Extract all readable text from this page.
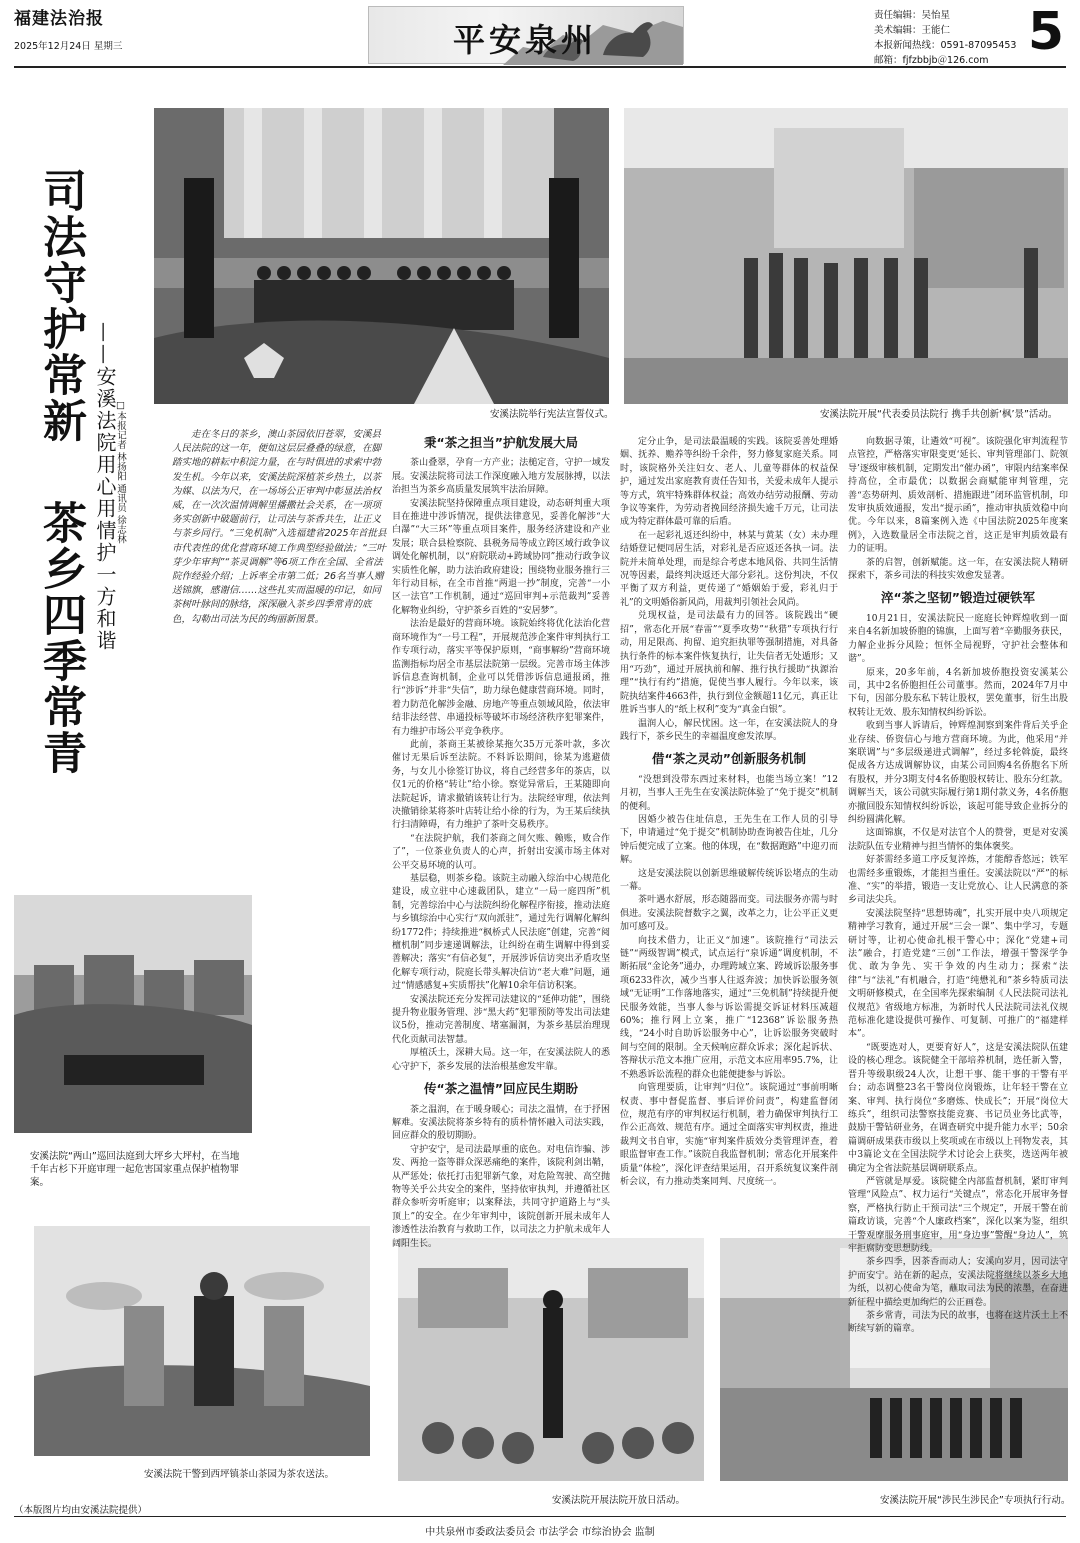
福建法治报
2025年12月24日 星期三	平安泉州
责任编辑：吴怡星
美术编辑：王能仁
本报新闻热线：0591-87095453
邮箱：fjfzbbjb＠126.com 5
安溪法院举行宪法宣誓仪式。	安溪法院开展“代表委员法院行 携手共创新‘枫’景”活动。
司法守护常新
茶乡四季常青 ——安溪法院用心用情护一方和谐
□本报记者 林扬阳 通讯员 徐志林	走在冬日的茶乡，澳山茶园依旧苍翠，安溪县人民法院的这一年，便如这层层叠叠的绿意，在脚踏实地的耕耘中积淀力量，在与时俱进的求索中勃发生机。今年以来，安溪法院深植茶乡热土，以茶为媒、以法为尺，在一场场公正审判中彰显法治权威，在一次次温情调解里播撒社会关系，在一项项务实创新中破题前行，让司法与茶香共生，让正义与茶乡同行。“三免机制”入选福建省2025年首批县市代表性的优化营商环境工作典型经验做法；“三叶芽少年审判”“茶灵调解”等6项工作在全国、全省法院作经验介绍；上诉率全市第二低；26名当事人赠送锦旗，感谢信……这些扎实而温暖的印记，如同茶树叶脉间的脉络，深深融入茶乡四季常青的底色，勾勒出司法为民的绚丽新图景。

安溪法院“两山”巡回法庭到大坪乡大坪村，在当地千年古杉下开庭审理一起危害国家重点保护植物罪案。
安溪法院干警到西坪镇茶山茶园为茶农送法。
安溪法院开展法院开放日活动。	安溪法院开展“涉民生涉民企”专项执行行动。
秉“茶之担当”护航发展大局

茶山叠翠，孕育一方产业；法槌定音，守护一域发展。安溪法院将司法工作深度融入地方发展脉搏，以法治担当为茶乡高质量发展筑牢法治屏障。

安溪法院坚持保障重点项目建设，动态研判重大项目在推进中涉诉情况，提供法律意见，妥善化解涉“大白瀑”“大三环”等重点项目案件，服务经济建设和产业发展；联合县检察院、县税务局等成立跨区域行政争议调处化解机制，以“府院联动+跨域协同”推动行政争议实质性化解，助力法治政府建设；围绕物业服务推行三年行动目标，在全市首推“两退一抄”制度，完善“一小区一法官”工作机制，通过“巡回审判+示范裁判”妥善化解物业纠纷，守护茶乡百姓的“安居梦”。

法治是最好的营商环境。该院始终将优化法治化营商环境作为“一号工程”，开展规范涉企案件审判执行工作专项行动，落实平等保护原则，“商事解纷”营商环境监测指标均居全市基层法院第一层级。完善市场主体涉诉信息查询机制，企业可以凭借涉诉信息通报函，推行“涉诉”并非“失信”，助力绿色健康营商环境。同时，着力防范化解涉金融、房地产等重点领域风险，依法审结非法经营、串通投标等破坏市场经济秩序犯罪案件，有力维护市场公平竞争秩序。

此前，茶商王某被徐某拖欠35万元茶叶款，多次催讨无果后诉至法院。不料诉讼期间，徐某为逃避债务，与女儿小徐签订协议，将自己经营多年的茶店，以仅1元的价格“转让”给小徐。察觉异常后，王某随即向法院起诉，请求撤销该转让行为。法院经审理，依法判决撤销徐某将茶叶店转让给小徐的行为，为王某后续执行扫清障碍，有力维护了茶叶交易秩序。

“在法院护航，我们茶商之间欠账、赖账，败合作了”，一位茶业负责人的心声，折射出安溪市场主体对公平交易环境的认可。

基层稳，则茶乡稳。该院主动融入综治中心规范化建设，成立驻中心速裁团队，建立“一局一庭四所”机制，完善综治中心与法院纠纷化解程序衔接，推动法庭与乡镇综治中心实行“双向派驻”，通过先行调解化解纠纷1772件；持续推进“枫桥式人民法庭”创建，完善“阅檀机制”同步速递调解法，让纠纷在萌生调解中得到妥善解决；落实“有信必复”，开展涉诉信访突出矛盾攻坚化解专项行动，院庭长带头解决信访“老大难”问题，通过“情感感复+实质帮扶”化解10余年信访积案。

安溪法院还充分发挥司法建议的“延伸功能”，围绕提升物业服务管理、涉“黑大药”犯罪预防等发出司法建议5份，推动完善制度、堵塞漏洞，为茶乡基层治理现代化贡献司法智慧。

厚植沃土，深耕大局。这一年，在安溪法院人的悉心守护下，茶乡发展的法治根基愈发牢靠。

传“茶之温情”回应民生期盼

茶之温润，在于暖身暖心；司法之温情，在于抒困解难。安溪法院将茶乡特有的质朴情怀融入司法实践，回应群众的殷切期盼。

守护安宁，是司法最厚重的底色。对电信诈骗、涉发、两抢一盗等群众深恶痛绝的案件，该院利剑出鞘，从严惩处；依托打击犯罪新气象，对危险驾驶、高空抛物等关乎公共安全的案件，坚持依审执判，并遵循社区群众参听旁听庭审；以案释法，共同守护道路上与“头顶上”的安全。在少年审判中，该院创新开展未成年人渗透性法治教育与救助工作，以司法之力护航未成年人阔阳生长。

定分止争，是司法最温暖的实践。该院妥善处理婚姻、抚养、赡养等纠纷千余件，努力修复家庭关系。同时，该院格外关注妇女、老人、儿童等群体的权益保护，通过发出家庭教育责任告知书，关爱未成年人提示等方式，筑牢特殊群体权益；高效办结劳动报酬、劳动争议等案件，为劳动者挽回经济损失逾千万元，让司法成为特定群体最可靠的后盾。

在一起彩礼返还纠纷中，林某与黄某（女）未办理结婚登记便同居生活，对彩礼是否应返还各执一词。法院并未简单处理，而是综合考虑本地风俗、共同生活情况等因素，最终判决返还大部分彩礼。这份判决，不仅平衡了双方利益，更传递了“婚姻始于爱，彩礼归于礼”的文明婚俗新风尚，用裁判引领社会风尚。

兑现权益，是司法最有力的回答。该院践出“硬招”，常态化开展“春雷”“夏季攻势”“秋猎”专项执行行动，用足限高、拘留、追究拒执罪等强制措施，对具备执行条件的标本案件恢复执行，让失信者无处遁形；又用“巧劲”，通过开展执前和解、推行执行援助“执源治理”“执行有约”措施，促使当事人履行。今年以来，该院执结案件4663件，执行到位金额超11亿元，真正让胜诉当事人的“纸上权利”变为“真金白银”。

温润人心，解民忧困。这一年，在安溪法院人的身践行下，茶乡民生的幸福温度愈发浓厚。

借“茶之灵动”创新服务机制

“没想到没带东西过来材料，也能当场立案！”12月初，当事人王先生在安溪法院体验了“免于提交”机制的便利。

因婚少被告住址信息，王先生在工作人员的引导下，申请通过“免于提交”机制协助查询被告住址，几分钟后便完成了立案。他的体现，在“数据跑路”中迎刃而解。

这是安溪法院以创新思维破解传统诉讼堵点的生动一幕。

茶叶遇水舒展，形态随器而变。司法服务亦需与时俱进。安溪法院督数字之翼，改革之力，让公平正义更加可感可及。

向技术借力，让正义“加速”。该院推行“司法云链”“两级智调”模式，试点运行“泉诉通”调度机制，不断拓展“金论务”通办，办理跨域立案、跨域诉讼服务事项6233件次，减少当事人往返奔波；加快诉讼服务领域“无证明”工作落地落实，通过“三免机制”持续提升便民服务效能，当事人参与诉讼需提交诉证材料压减超60%；推行网上立案，推广“12368”诉讼服务热线，“24小时自助诉讼服务中心”，让诉讼服务突破时间与空间的限制。全天候响应群众诉求；深化起诉状、答辩状示范文本推广应用，示范文本应用率95.7%，让不熟悉诉讼流程的群众也能便捷参与诉讼。

向管理要质，让审判“归位”。该院通过“事前明晰权责、事中督促监督、事后评价问责”，构建监督闭位，规范有序的审判权运行机制，着力确保审判执行工作公正高效、规范有序。通过全面落实审判权责，推进裁判文书自审，实施“审判案件质效分类管理评查，着眼监督审查工作。”该院自我监督机制；常态化开展案件质量“体检”，深化评查结果运用，召开系统复议案件剖析会议，有力推动类案同判、尺度统一。

向数据寻策，让遴效“可视”。该院强化审判流程节点管控，严格落实审限变更‘延长、审判管理部门、院领导’逐级审核机制，定期发出“催办函”，审限内结案率保持高位，全市最优；以数据会商赋能审判管理，完善“态势研判、质效剖析、措施跟进”闭环监管机制，印发审执质效通报，发出“提示函”，推动审执质效稳中向优。今年以来，8篇案例入选《中国法院2025年度案例》，入选数量居全市法院之首，这正是审判质效最有力的证明。

茶的启智，创新赋能。这一年，在安溪法院人精研探索下，茶乡司法的科技实效愈发显著。

淬“茶之坚韧”锻造过硬铁军

10月21日，安溪法院民一庭庭长钟辉煌收到一面来自4名新加坡侨胞的锦旗，上面写着“辛勤服务获民，力解企业拆分风险；恒怀全局视野，守护社会整体和谐”。

原来，20多年前，4名新加坡侨胞投资安溪某公司，其中2名侨胞担任公司董事。然而，2024年7月中下旬，因部分股东私下转让股权，罢免董事，衍生出股权转让无效、股东知情权纠纷诉讼。

收到当事人诉请后，钟辉煌洞察到案件背后关乎企业存续、侨资信心与地方营商环境。为此，他采用“并案联调”与“多层级递进式调解”，经过多轮斡旋，最终促成各方达成调解协议，由某公司回购4名侨胞名下所有股权，并分3期支付4名侨胞股权转让、股东分红款。调解当天，该公司就实际履行第1期付款义务，4名侨胞亦撤回股东知情权纠纷诉讼，该起可能导致企业拆分的纠纷圆满化解。

这面锦旗，不仅是对法官个人的赞誉，更是对安溪法院队伍专业精神与担当情怀的集体褒奖。

好茶需经多道工序反复淬炼，才能醇香悠远；铁军也需经多重锻炼，才能担当重任。安溪法院以“严”的标准、“实”的举措，锻造一支让党放心、让人民满意的茶乡司法尖兵。

安溪法院坚持“思想铸魂”，扎实开展中央八项规定精神学习教育，通过开展“三会一课”、集中学习，专题研讨等，让初心使命扎根干警心中；深化“党建+司法”融合，打造党建“三创”工作法，增强干警深学争优、敢为争先、实干争效的内生动力；探索“法律”与“法礼”有机融合，打造“纯懋礼和”茶乡特质司法文明研修模式，在全国率先探索编制《人民法院司法礼仪规范》省级地方标准，为新时代人民法院司法礼仪规范标准化建设提供可操作、可复制、可推广的“福建样本”。

“既要选对人，更要育好人”，这是安溪法院队伍建设的核心理念。该院健全干部培养机制，选任新入警，晋升等级职级24人次，让想干事、能干事的干警有平台；动态调整23名干警岗位岗锻炼，让年轻干警在立案、审判、执行岗位“多磨炼、快成长”；开展“岗位大练兵”，组织司法警察技能竞赛、书记员业务比武等，鼓励干警钻研业务，在调查研究中提升能力水平；50余篇调研成果获市级以上奖项或在市级以上刊物发表，其中3篇论文在全国法院学术讨论会上获奖，选送两年被确定为全省法院基层调研联系点。

严管就是厚爱。该院健全内部监督机制，紧盯审判管理“风险点”、权力运行“关键点”，常态化开展审务督察，严格执行防止干预司法“三个规定”，开展干警在前篇政访谈，完善“个人廉政档案”，深化以案为鉴，组织干警观摩服务刑事庭审，用“身边事”警醒“身边人”，筑牢拒腐防变思想防线。

茶乡四季，因茶香而动人；安溪向岁月，因司法守护而安宁。站在新的起点，安溪法院将继续以茶乡大地为纸，以初心使命为笔，蘸取司法为民的浓墨，在奋进新征程中描绘更加绚烂的公正画卷。

茶乡常青，司法为民的故事，也将在这片沃土上不断续写新的篇章。

（本版图片均由安溪法院提供）
中共泉州市委政法委员会 市法学会 市综治协会 监制
